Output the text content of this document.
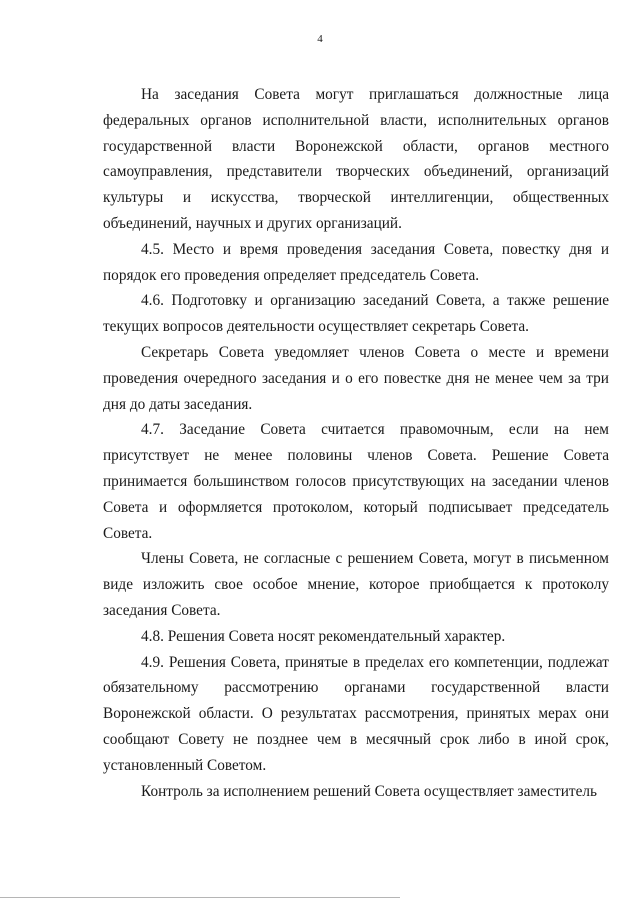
4

На заседания Совета могут приглашаться должностные лица федеральных органов исполнительной власти, исполнительных органов государственной власти Воронежской области, органов местного самоуправления, представители творческих объединений, организаций культуры и искусства, творческой интеллигенции, общественных объединений, научных и других организаций.

4.5. Место и время проведения заседания Совета, повестку дня и порядок его проведения определяет председатель Совета.

4.6. Подготовку и организацию заседаний Совета, а также решение текущих вопросов деятельности осуществляет секретарь Совета.

Секретарь Совета уведомляет членов Совета о месте и времени проведения очередного заседания и о его повестке дня не менее чем за три дня до даты заседания.

4.7. Заседание Совета считается правомочным, если на нем присутствует не менее половины членов Совета. Решение Совета принимается большинством голосов присутствующих на заседании членов Совета и оформляется протоколом, который подписывает председатель Совета.

Члены Совета, не согласные с решением Совета, могут в письменном виде изложить свое особое мнение, которое приобщается к протоколу заседания Совета.

4.8. Решения Совета носят рекомендательный характер.

4.9. Решения Совета, принятые в пределах его компетенции, подлежат обязательному рассмотрению органами государственной власти Воронежской области. О результатах рассмотрения, принятых мерах они сообщают Совету не позднее чем в месячный срок либо в иной срок, установленный Советом.

Контроль за исполнением решений Совета осуществляет заместитель
